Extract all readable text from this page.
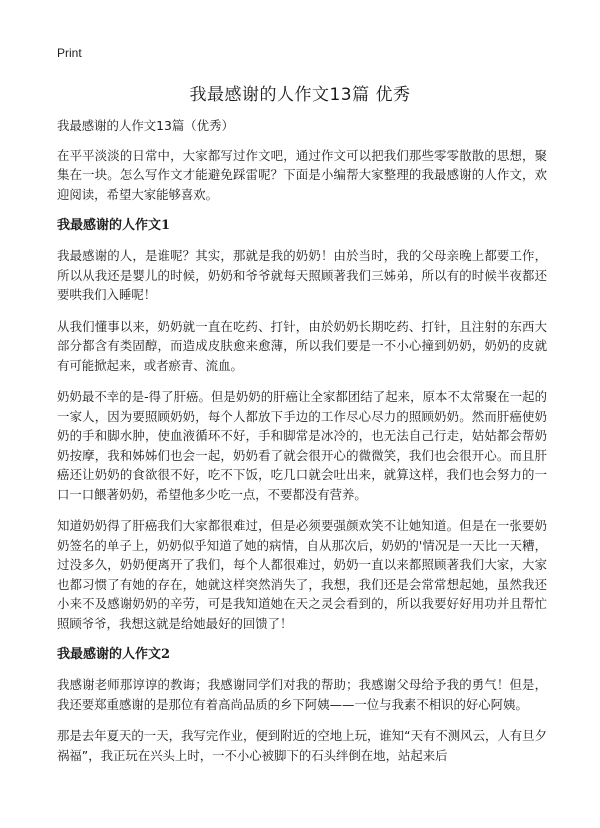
Print
我最感谢的人作文13篇 优秀

我最感谢的人作文13篇（优秀）

在平平淡淡的日常中，大家都写过作文吧，通过作文可以把我们那些零零散散的思想，聚集在一块。怎么写作文才能避免踩雷呢？下面是小编帮大家整理的我最感谢的人作文，欢迎阅读，希望大家能够喜欢。

我最感谢的人作文1

我最感谢的人，是谁呢？其实，那就是我的奶奶！由於当时，我的父母亲晚上都要工作，所以从我还是婴儿的时候，奶奶和爷爷就每天照顾著我们三姊弟，所以有的时候半夜都还要哄我们入睡呢！

从我们懂事以来，奶奶就一直在吃药、打针，由於奶奶长期吃药、打针，且注射的东西大部分都含有类固醇，而造成皮肤愈来愈薄，所以我们要是一不小心撞到奶奶，奶奶的皮就有可能掀起来，或者瘀青、流血。

奶奶最不幸的是-得了肝癌。但是奶奶的肝癌让全家都团结了起来，原本不太常聚在一起的一家人，因为要照顾奶奶，每个人都放下手边的工作尽心尽力的照顾奶奶。然而肝癌使奶奶的手和脚水肿，使血液循环不好，手和脚常是冰冷的，也无法自己行走，姑姑都会帮奶奶按摩，我和姊姊们也会一起，奶奶看了就会很开心的微微笑，我们也会很开心。而且肝癌还让奶奶的食欲很不好，吃不下饭，吃几口就会吐出来，就算这样，我们也会努力的一口一口餵著奶奶，希望他多少吃一点，不要都没有营养。

知道奶奶得了肝癌我们大家都很难过，但是必须要强颜欢笑不让她知道。但是在一张要奶奶签名的单子上，奶奶似乎知道了她的病情，自从那次后，奶奶的'情况是一天比一天糟，过没多久，奶奶便离开了我们，每个人都很难过，奶奶一直以来都照顾著我们大家，大家也都习惯了有她的存在，她就这样突然消失了，我想，我们还是会常常想起她，虽然我还小来不及感谢奶奶的辛劳，可是我知道她在天之灵会看到的，所以我要好好用功并且帮忙照顾爷爷，我想这就是给她最好的回馈了！

我最感谢的人作文2

我感谢老师那谆谆的教诲；我感谢同学们对我的帮助；我感谢父母给予我的勇气！但是，我还要郑重感谢的是那位有着高尚品质的乡下阿姨——一位与我素不相识的好心阿姨。

那是去年夏天的一天，我写完作业，便到附近的空地上玩，谁知“天有不测风云，人有旦夕祸福”，我正玩在兴头上时，一不小心被脚下的石头绊倒在地，站起来后
